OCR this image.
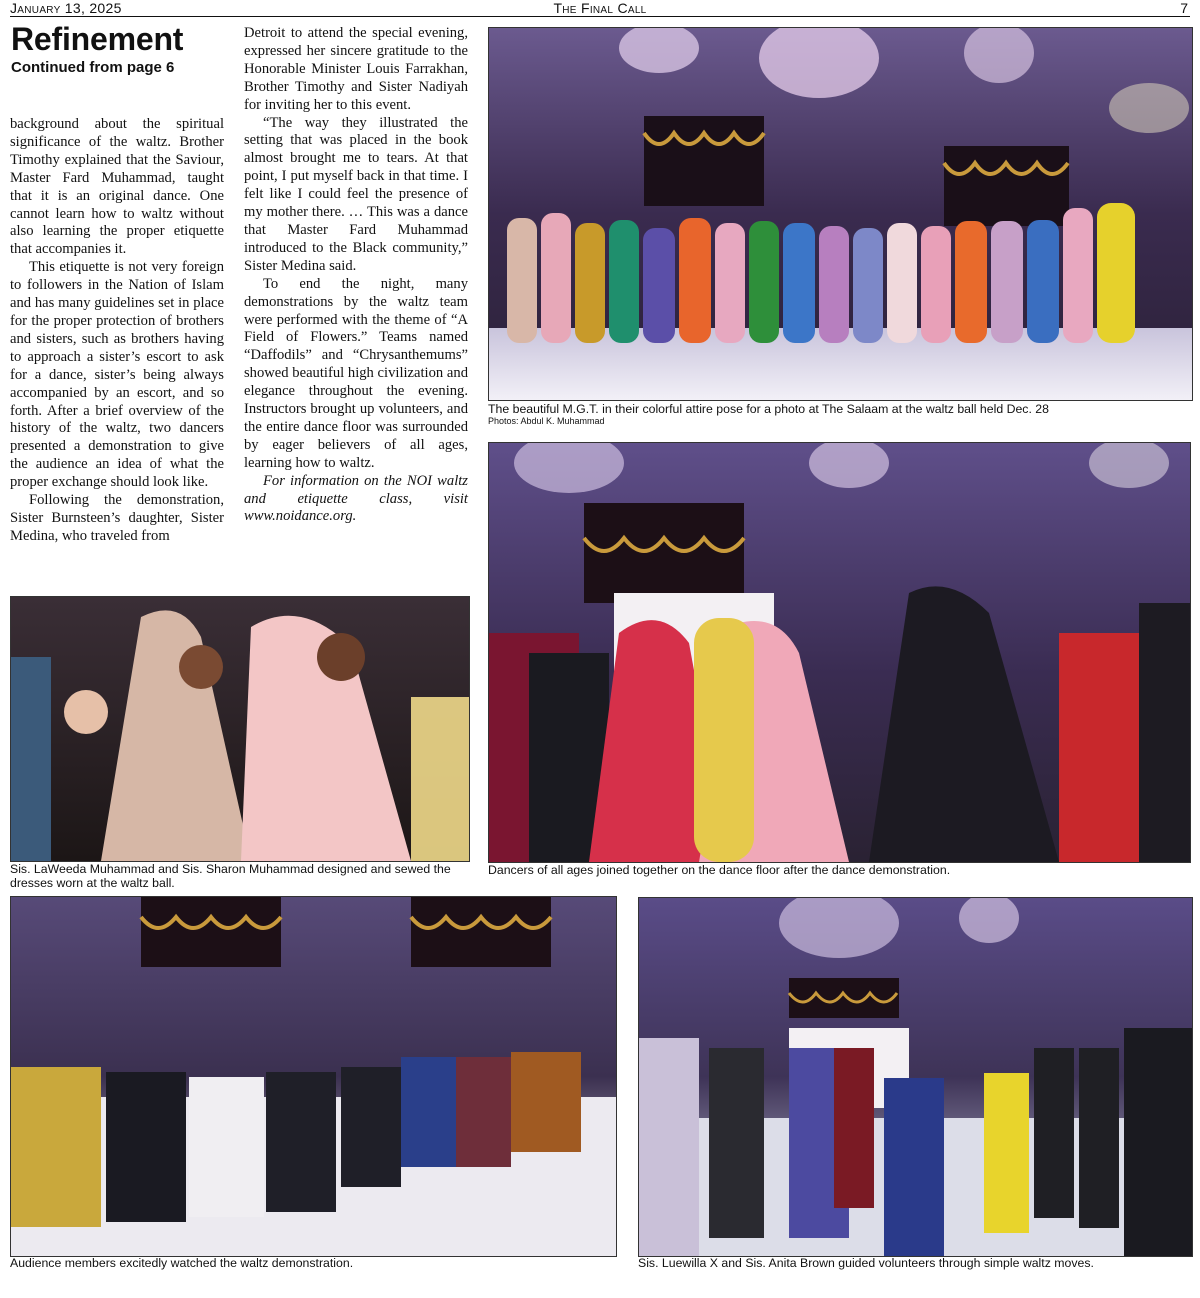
January 13, 2025	The Final Call	7
Refinement
Continued from page 6

background about the spiritual significance of the waltz. Brother Timothy explained that the Saviour, Master Fard Muhammad, taught that it is an original dance. One cannot learn how to waltz without also learning the proper etiquette that accompanies it.

This etiquette is not very foreign to followers in the Nation of Islam and has many guidelines set in place for the proper protection of brothers and sisters, such as brothers having to approach a sister’s escort to ask for a dance, sister’s being always accompanied by an escort, and so forth. After a brief overview of the history of the waltz, two dancers presented a demonstration to give the audience an idea of what the proper exchange should look like.

Following the demonstration, Sister Burnsteen’s daughter, Sister Medina, who traveled from

Detroit to attend the special evening, expressed her sincere gratitude to the Honorable Minister Louis Farrakhan, Brother Timothy and Sister Nadiyah for inviting her to this event.

“The way they illustrated the setting that was placed in the book almost brought me to tears. At that point, I put myself back in that time. I felt like I could feel the presence of my mother there. … This was a dance that Master Fard Muhammad introduced to the Black community,” Sister Medina said.

To end the night, many demonstrations by the waltz team were performed with the theme of “A Field of Flowers.” Teams named “Daffodils” and “Chrysanthemums” showed beautiful high civilization and elegance throughout the evening. Instructors brought up volunteers, and the entire dance floor was surrounded by eager believers of all ages, learning how to waltz.

For information on the NOI waltz and etiquette class, visit www.noidance.org.

The beautiful M.G.T. in their colorful attire pose for a photo at The Salaam at the waltz ball held Dec. 28
Photos: Abdul K. Muhammad
Dancers of all ages joined together on the dance floor after the dance demonstration.
Sis. LaWeeda Muhammad and Sis. Sharon Muhammad designed and sewed the dresses worn at the waltz ball.
Audience members excitedly watched the waltz demonstration.	Sis. Luewilla X and Sis. Anita Brown guided volunteers through simple waltz moves.
